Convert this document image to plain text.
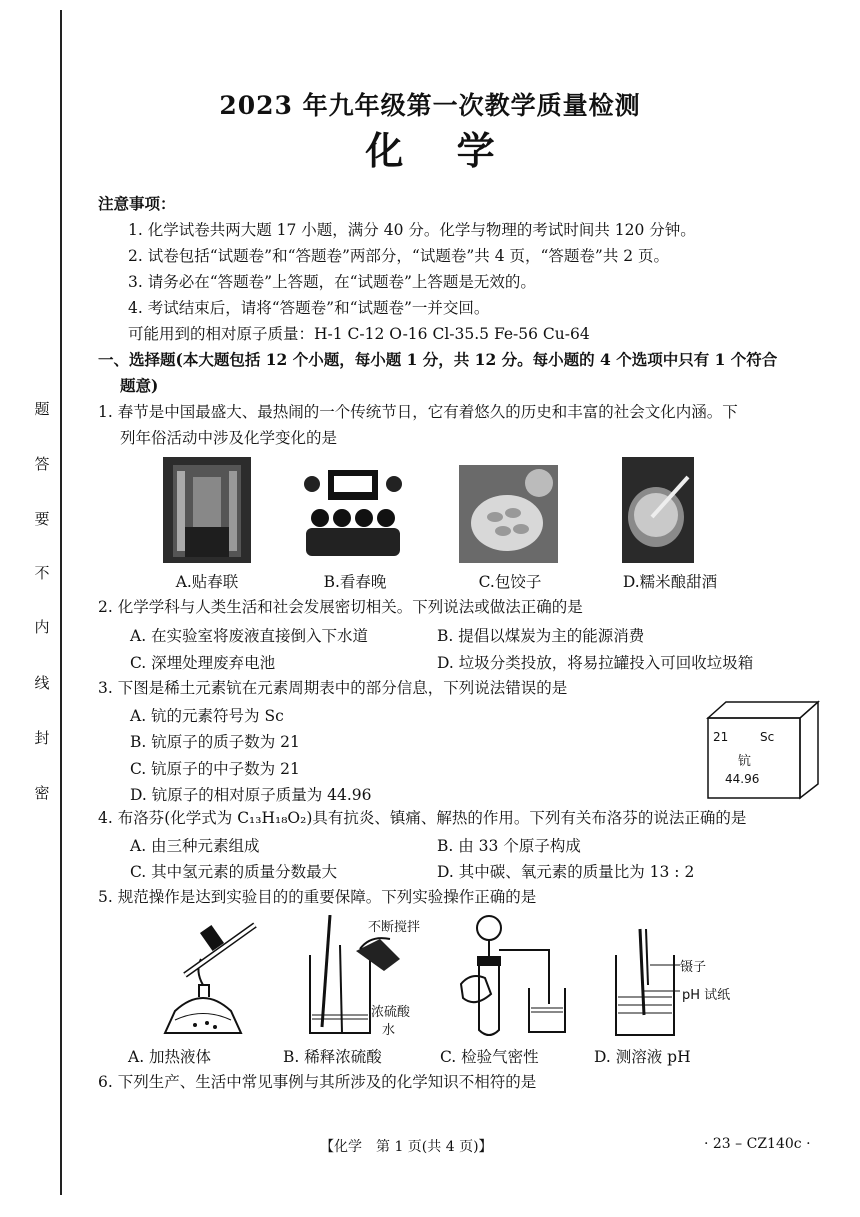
题
答
要
不
内
线
封
密
2023 年九年级第一次教学质量检测
化 学
注意事项：
1. 化学试卷共两大题 17 小题，满分 40 分。化学与物理的考试时间共 120 分钟。
2. 试卷包括“试题卷”和“答题卷”两部分，“试题卷”共 4 页，“答题卷”共 2 页。
3. 请务必在“答题卷”上答题，在“试题卷”上答题是无效的。
4. 考试结束后，请将“答题卷”和“试题卷”一并交回。
可能用到的相对原子质量：H-1 C-12 O-16 Cl-35.5 Fe-56 Cu-64
一、选择题(本大题包括 12 个小题，每小题 1 分，共 12 分。每小题的 4 个选项中只有 1 个符合
题意)
1. 春节是中国最盛大、最热闹的一个传统节日，它有着悠久的历史和丰富的社会文化内涵。下
列年俗活动中涉及化学变化的是
A.贴春联	B.看春晚	C.包饺子	D.糯米酿甜酒
2. 化学学科与人类生活和社会发展密切相关。下列说法或做法正确的是
A. 在实验室将废液直接倒入下水道	B. 提倡以煤炭为主的能源消费
C. 深埋处理废弃电池	D. 垃圾分类投放，将易拉罐投入可回收垃圾箱
3. 下图是稀土元素钪在元素周期表中的部分信息，下列说法错误的是
A. 钪的元素符号为 Sc
B. 钪原子的质子数为 21
C. 钪原子的中子数为 21
D. 钪原子的相对原子质量为 44.96
21	Sc
钪
44.96
4. 布洛芬(化学式为 C₁₃H₁₈O₂)具有抗炎、镇痛、解热的作用。下列有关布洛芬的说法正确的是
A. 由三种元素组成	B. 由 33 个原子构成
C. 其中氢元素的质量分数最大	D. 其中碳、氧元素的质量比为 13 : 2
5. 规范操作是达到实验目的的重要保障。下列实验操作正确的是
不断搅拌
浓硫酸
水
镊子
pH 试纸
A. 加热液体	B. 稀释浓硫酸	C. 检验气密性	D. 测溶液 pH
6. 下列生产、生活中常见事例与其所涉及的化学知识不相符的是
【化学　第 1 页(共 4 页)】	· 23 – CZ140c ·
